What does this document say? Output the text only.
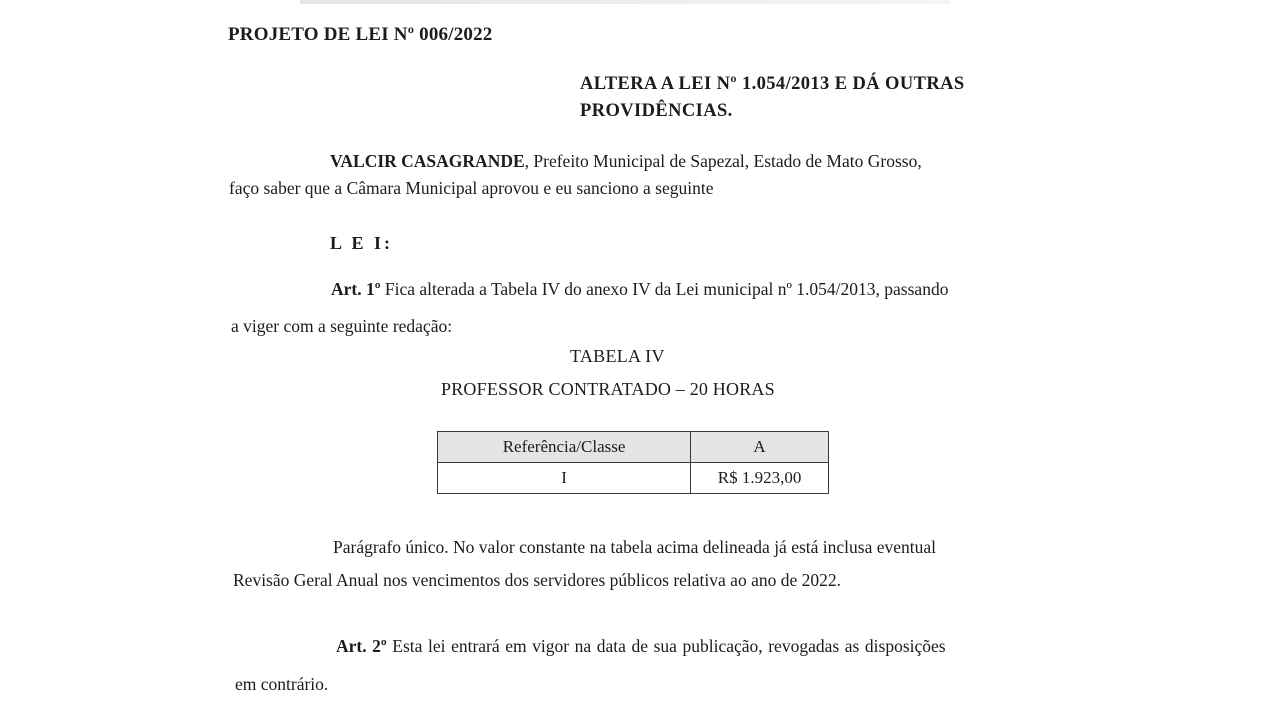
PROJETO DE LEI Nº 006/2022
ALTERA A LEI Nº 1.054/2013 E DÁ OUTRAS
PROVIDÊNCIAS.
VALCIR CASAGRANDE, Prefeito Municipal de Sapezal, Estado de Mato Grosso,
faço saber que a Câmara Municipal aprovou e eu sanciono a seguinte
L E I:
Art. 1º Fica alterada a Tabela IV do anexo IV da Lei municipal nº 1.054/2013, passando
a viger com a seguinte redação:
TABELA IV
PROFESSOR CONTRATADO – 20 HORAS
Referência/Classe	A
I	R$ 1.923,00
Parágrafo único. No valor constante na tabela acima delineada já está inclusa eventual
Revisão Geral Anual nos vencimentos dos servidores públicos relativa ao ano de 2022.
Art. 2º Esta lei entrará em vigor na data de sua publicação, revogadas as disposições
em contrário.
